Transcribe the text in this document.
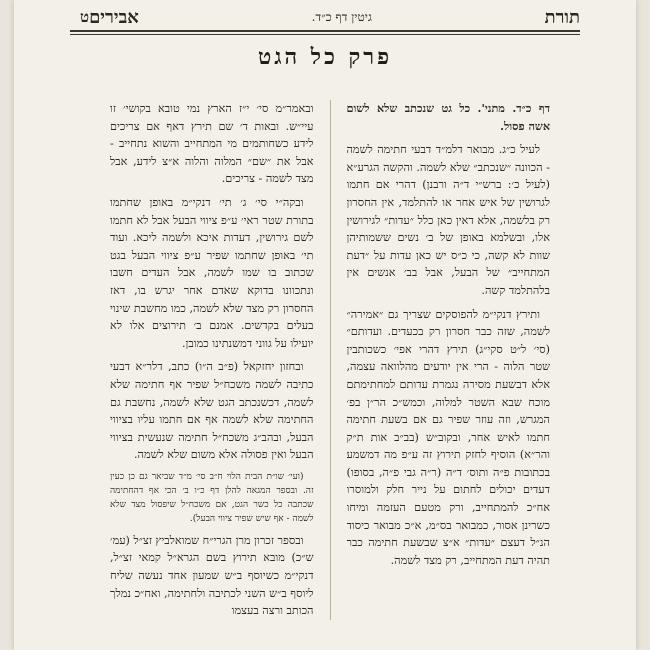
תורת
גיטין דף כ״ד.
אבירים
ט
פרק כל הגט

דף כ״ד. מתני'. כל גט שנכתב שלא לשום אשה פסול.

לעיל כ״ג. מבואר דלמ״ד דבעי חתימה לשמה - הכוונה ״שנכתב״ שלא לשמה. והקשה הגרע״א (לעיל כ׳: ברש״י ד״ה ורבנן) דהרי אם חתמו לגרושין של איש אחר או להתלמד, אין החסרון רק בלשמה, אלא דאין כאן כלל ״עדות״ לגירושין אלו, ובשלמא באופן של ב׳ נשים ששמותיהן שוות לא קשה, כי כ״ס יש כאן עדות על ״דעת המתחייב״ של הבעל, אבל בב׳ אנשים אין בלהתלמד קשה.

ותירץ דנקי״מ להפוסקים שצריך גם ״אמירה״ לשמה, שזה כבר חסרון רק בכעדים. ועדותם״ (סי׳ ל״ט סקי״ג) תירץ דהרי אפי׳ כשכותבין שטר הלוה - הרי אין יודעים מהלוואה עצמה, אלא דבשעת מסירה נגמרת עדותם למחתימתם מוכח שבא השטר למלוה, וכמש״כ הר״ן בפ׳ המגרש, וזה עוזר שפיר גם אם בשעת חתימה חתמו לאיש אחר, ובקוב״ש (בב״ב אות ת״ק והר״א) הוסיף לחזק תירוץ זה ע״פ מה דמשמע בכתובות פ״ה ותוס׳ ד״ה (ר״ה גבי פ״ה, בסופו) דעדים יכולים לחתום על נייר חלק ולמוסרו אח״כ להמתחייב, ורק מטעם העזמה ומיחו כשרינן אסור, כמבואר בס״מ, א״כ מבואר כיסוד הנ״ל דעצם ״עדות״ א״צ שבשעת חתימה כבר תהיה דעת המתחייב, רק מצד לשמה.

ובאמר״מ סי׳ י״ז הארץ נמי טובא בקושי׳ זו עיי״ש. ובאות ד׳ שם תירץ דאף אם צריכים לידע כשחותמים מי המתחייב והשוא נתחייב - אבל את ״שם״ המלוה והלוה א״צ לידע, אבל מצד לשמה - צריכים.

ובקה״י סי׳ ג׳ תי׳ דנקי״מ באופן שחתמו בתורת שטר ראי׳ ע״פ ציווי הבעל אבל לא חתמו לשם גירושין, דעדות איכא ולשמה ליכא. ועוד תי׳ באופן שחתמו שפיר ע״פ ציווי הבעל בגט שכתוב בו שמו לשמה, אבל העדים חשבו ונתכוונו בדוקא שאדם אחר יגרש בו, דאז החסרון רק מצד שלא לשמה, כמו מחשבת שינוי בעלים בקדשים. אמנם ב׳ תירוצים אלו לא יועילו על גווני דמשנתינו כמובן.

ובחזון יחזקאל (פ״ב ה״ו) כתב, דלר״א דבעי כתיבה לשמה משכח״ל שפיר אף חתימה שלא לשמה, דכשנכתב הגט שלא לשמה, נחשבת גם החתימה שלא לשמה אף אם חתמו עליו בציווי הבעל, ובהב״ג משכח״ל חתימה שנעשית בציווי הבעל ואין פסולה אלא משום שלא לשמה.

(ועי׳ שו״ת הבית הלוי ח״ב סי׳ מ״ד שביאר גם כן כעין זה. ובספר המגאה להלן דף כ״ו ב׳ הכי אף דהחתימה שכתבה כל כשר הגט, אם משכח״ל שיפסול מצד שלא לשמה - אף שיש שפיר ציווי הבעל).

ובספר זכרון מרן הגרי״ח שמואלביץ זצ״ל (עמ׳ ש״כ) מובא תירוץ בשם הגרא״ל קמאי זצ״ל, דנקי״מ כשיוסף ב״ש שמעון אחד נעשה שליח ליוסף ב״ש השני לכתיבה ולחתימה, ואח״כ נמלך הכותב ורצה בעצמו
